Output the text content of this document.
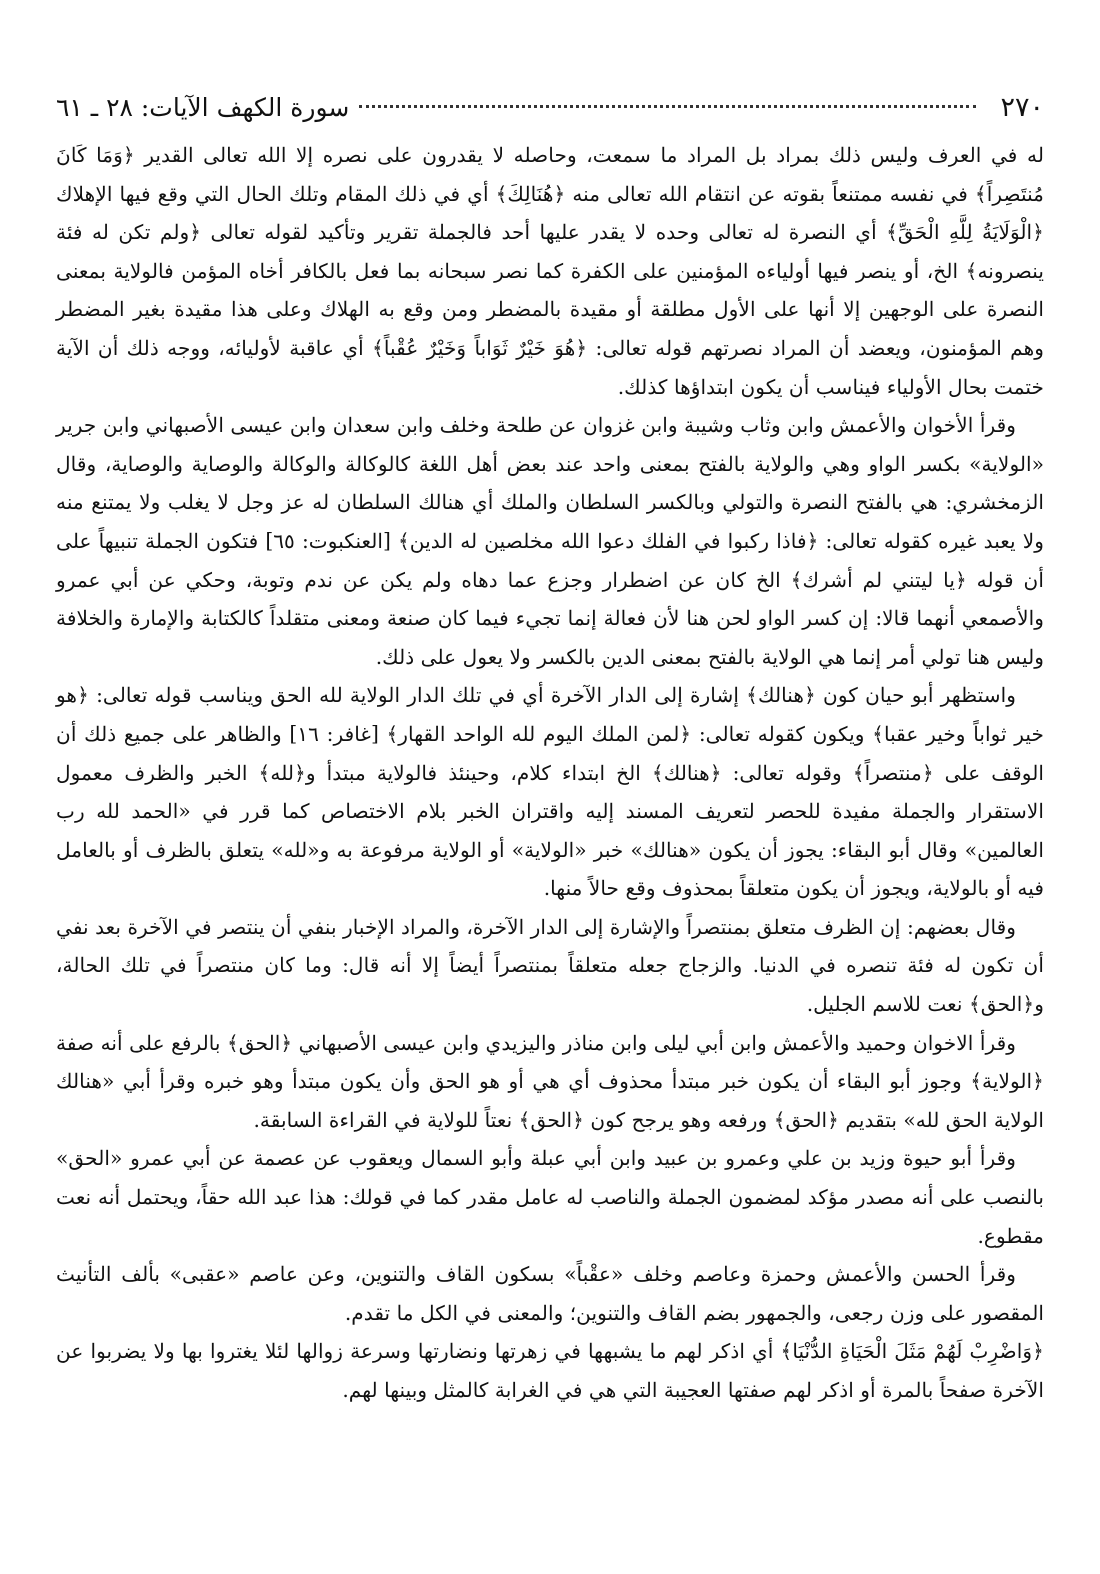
٢٧٠
سورة الكهف الآيات: ٢٨ ـ ٦١

له في العرف وليس ذلك بمراد بل المراد ما سمعت، وحاصله لا يقدرون على نصره إلا الله تعالى القدير ﴿وَمَا كَانَ مُنتَصِراً﴾ في نفسه ممتنعاً بقوته عن انتقام الله تعالى منه ﴿هُنَالِكَ﴾ أي في ذلك المقام وتلك الحال التي وقع فيها الإهلاك ﴿الْوَلَايَةُ لِلَّهِ الْحَقِّ﴾ أي النصرة له تعالى وحده لا يقدر عليها أحد فالجملة تقرير وتأكيد لقوله تعالى ﴿ولم تكن له فئة ينصرونه﴾ الخ، أو ينصر فيها أولياءه المؤمنين على الكفرة كما نصر سبحانه بما فعل بالكافر أخاه المؤمن فالولاية بمعنى النصرة على الوجهين إلا أنها على الأول مطلقة أو مقيدة بالمضطر ومن وقع به الهلاك وعلى هذا مقيدة بغير المضطر وهم المؤمنون، ويعضد أن المراد نصرتهم قوله تعالى: ﴿هُوَ خَيْرٌ ثَوَاباً وَخَيْرٌ عُقْباً﴾ أي عاقبة لأوليائه، ووجه ذلك أن الآية ختمت بحال الأولياء فيناسب أن يكون ابتداؤها كذلك.

وقرأ الأخوان والأعمش وابن وثاب وشيبة وابن غزوان عن طلحة وخلف وابن سعدان وابن عيسى الأصبهاني وابن جرير «الولاية» بكسر الواو وهي والولاية بالفتح بمعنى واحد عند بعض أهل اللغة كالوكالة والوكالة والوصاية والوصاية، وقال الزمخشري: هي بالفتح النصرة والتولي وبالكسر السلطان والملك أي هنالك السلطان له عز وجل لا يغلب ولا يمتنع منه ولا يعبد غيره كقوله تعالى: ﴿فاذا ركبوا في الفلك دعوا الله مخلصين له الدين﴾ [العنكبوت: ٦٥] فتكون الجملة تنبيهاً على أن قوله ﴿يا ليتني لم أشرك﴾ الخ كان عن اضطرار وجزع عما دهاه ولم يكن عن ندم وتوبة، وحكي عن أبي عمرو والأصمعي أنهما قالا: إن كسر الواو لحن هنا لأن فعالة إنما تجيء فيما كان صنعة ومعنى متقلداً كالكتابة والإمارة والخلافة وليس هنا تولي أمر إنما هي الولاية بالفتح بمعنى الدين بالكسر ولا يعول على ذلك.

واستظهر أبو حيان كون ﴿هنالك﴾ إشارة إلى الدار الآخرة أي في تلك الدار الولاية لله الحق ويناسب قوله تعالى: ﴿هو خير ثواباً وخير عقبا﴾ ويكون كقوله تعالى: ﴿لمن الملك اليوم لله الواحد القهار﴾ [غافر: ١٦] والظاهر على جميع ذلك أن الوقف على ﴿منتصراً﴾ وقوله تعالى: ﴿هنالك﴾ الخ ابتداء كلام، وحينئذ فالولاية مبتدأ و﴿لله﴾ الخبر والظرف معمول الاستقرار والجملة مفيدة للحصر لتعريف المسند إليه واقتران الخبر بلام الاختصاص كما قرر في «الحمد لله رب العالمين» وقال أبو البقاء: يجوز أن يكون «هنالك» خبر «الولاية» أو الولاية مرفوعة به و«لله» يتعلق بالظرف أو بالعامل فيه أو بالولاية، ويجوز أن يكون متعلقاً بمحذوف وقع حالاً منها.

وقال بعضهم: إن الظرف متعلق بمنتصراً والإشارة إلى الدار الآخرة، والمراد الإخبار بنفي أن ينتصر في الآخرة بعد نفي أن تكون له فئة تنصره في الدنيا. والزجاج جعله متعلقاً بمنتصراً أيضاً إلا أنه قال: وما كان منتصراً في تلك الحالة، و﴿الحق﴾ نعت للاسم الجليل.

وقرأ الاخوان وحميد والأعمش وابن أبي ليلى وابن مناذر واليزيدي وابن عيسى الأصبهاني ﴿الحق﴾ بالرفع على أنه صفة ﴿الولاية﴾ وجوز أبو البقاء أن يكون خبر مبتدأ محذوف أي هي أو هو الحق وأن يكون مبتدأ وهو خبره وقرأ أبي «هنالك الولاية الحق لله» بتقديم ﴿الحق﴾ ورفعه وهو يرجح كون ﴿الحق﴾ نعتاً للولاية في القراءة السابقة.

وقرأ أبو حيوة وزيد بن علي وعمرو بن عبيد وابن أبي عبلة وأبو السمال ويعقوب عن عصمة عن أبي عمرو «الحق» بالنصب على أنه مصدر مؤكد لمضمون الجملة والناصب له عامل مقدر كما في قولك: هذا عبد الله حقاً، ويحتمل أنه نعت مقطوع.

وقرأ الحسن والأعمش وحمزة وعاصم وخلف «عقْباً» بسكون القاف والتنوين، وعن عاصم «عقبى» بألف التأنيث المقصور على وزن رجعى، والجمهور بضم القاف والتنوين؛ والمعنى في الكل ما تقدم.

﴿وَاضْرِبْ لَهُمْ مَثَلَ الْحَيَاةِ الدُّنْيَا﴾ أي اذكر لهم ما يشبهها في زهرتها ونضارتها وسرعة زوالها لئلا يغتروا بها ولا يضربوا عن الآخرة صفحاً بالمرة أو اذكر لهم صفتها العجيبة التي هي في الغرابة كالمثل وبينها لهم.
